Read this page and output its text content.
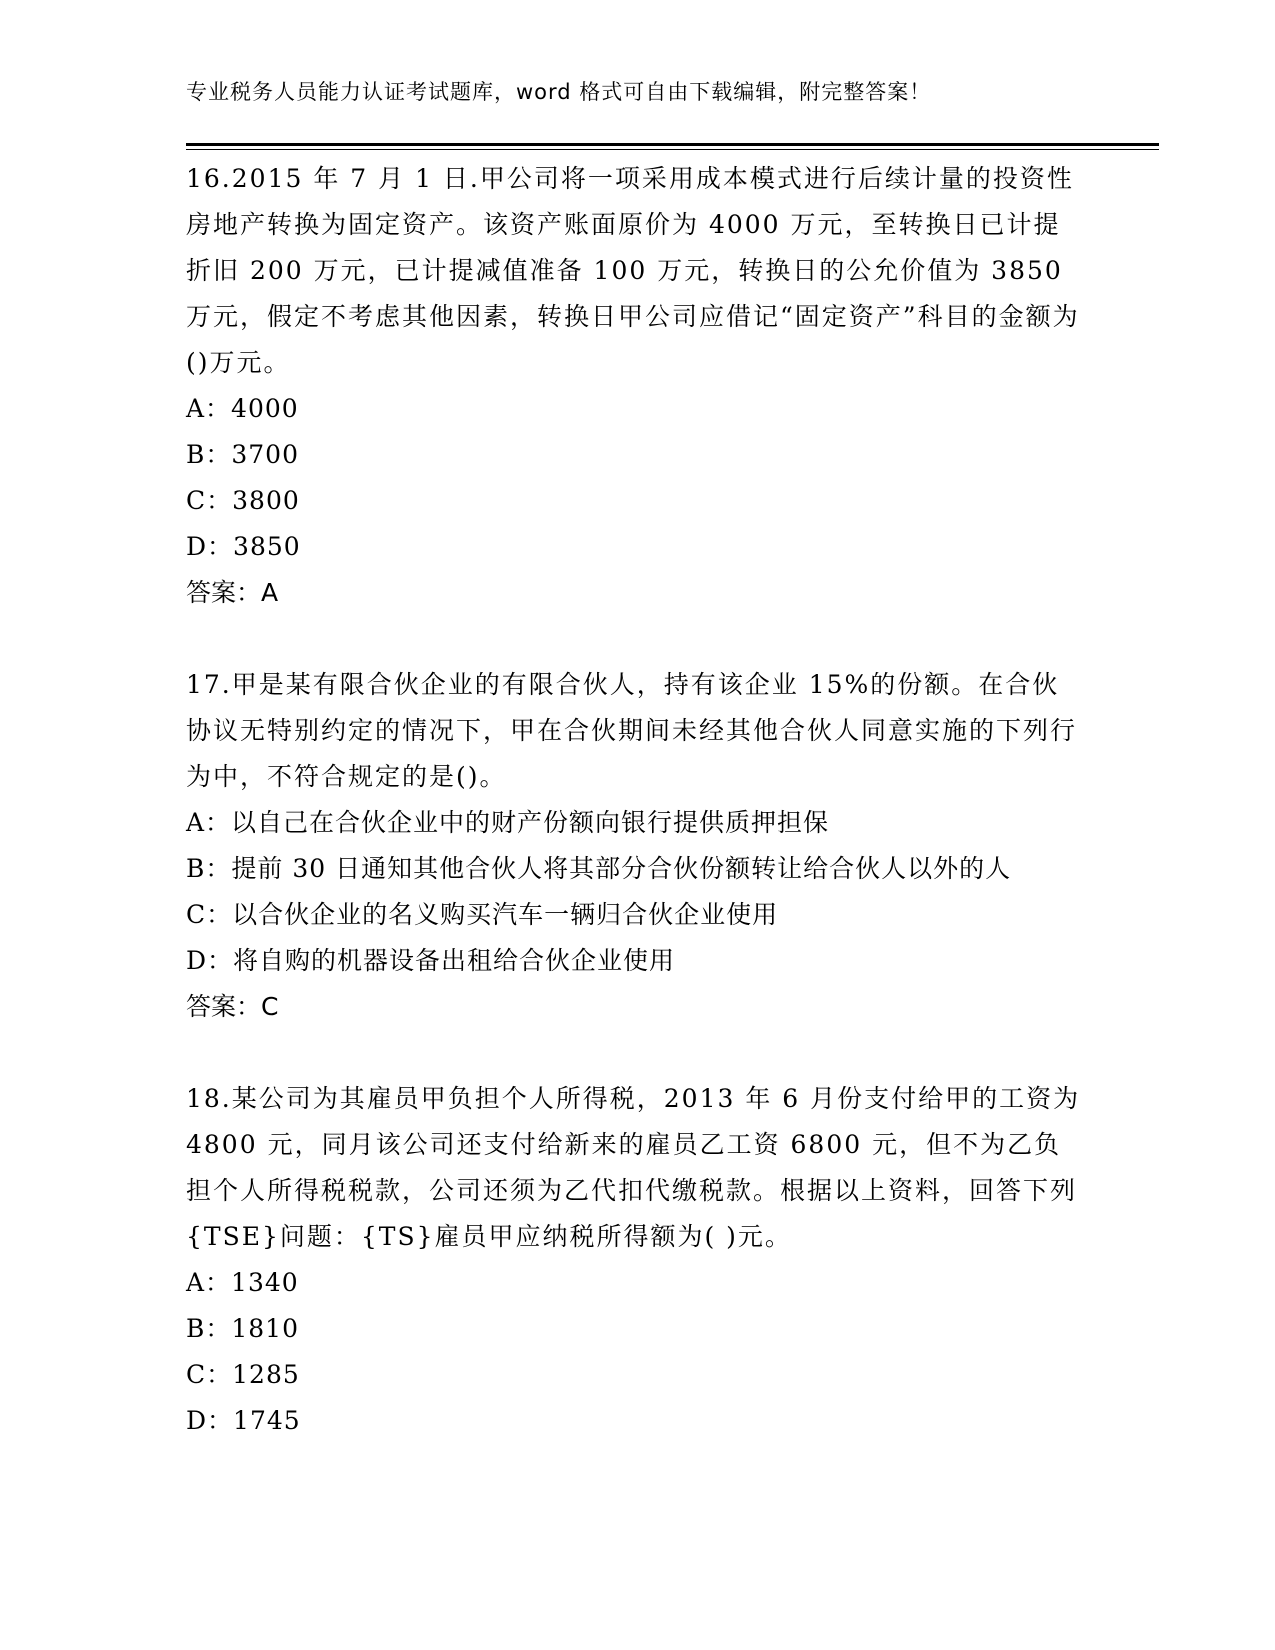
专业税务人员能力认证考试题库，word 格式可自由下载编辑，附完整答案！

16.2015 年 7 月 1 日.甲公司将一项采用成本模式进行后续计量的投资性房地产转换为固定资产。该资产账面原价为 4000 万元，至转换日已计提折旧 200 万元，已计提减值准备 100 万元，转换日的公允价值为 3850 万元，假定不考虑其他因素，转换日甲公司应借记“固定资产”科目的金额为()万元。

A：4000

B：3700

C：3800

D：3850

答案：A

17.甲是某有限合伙企业的有限合伙人，持有该企业 15%的份额。在合伙协议无特别约定的情况下，甲在合伙期间未经其他合伙人同意实施的下列行为中，不符合规定的是()。

A：以自己在合伙企业中的财产份额向银行提供质押担保

B：提前 30 日通知其他合伙人将其部分合伙份额转让给合伙人以外的人

C：以合伙企业的名义购买汽车一辆归合伙企业使用

D：将自购的机器设备出租给合伙企业使用

答案：C

18.某公司为其雇员甲负担个人所得税，2013 年 6 月份支付给甲的工资为 4800 元，同月该公司还支付给新来的雇员乙工资 6800 元，但不为乙负担个人所得税税款，公司还须为乙代扣代缴税款。根据以上资料，回答下列{TSE}问题：{TS}雇员甲应纳税所得额为( )元。

A：1340

B：1810

C：1285

D：1745
